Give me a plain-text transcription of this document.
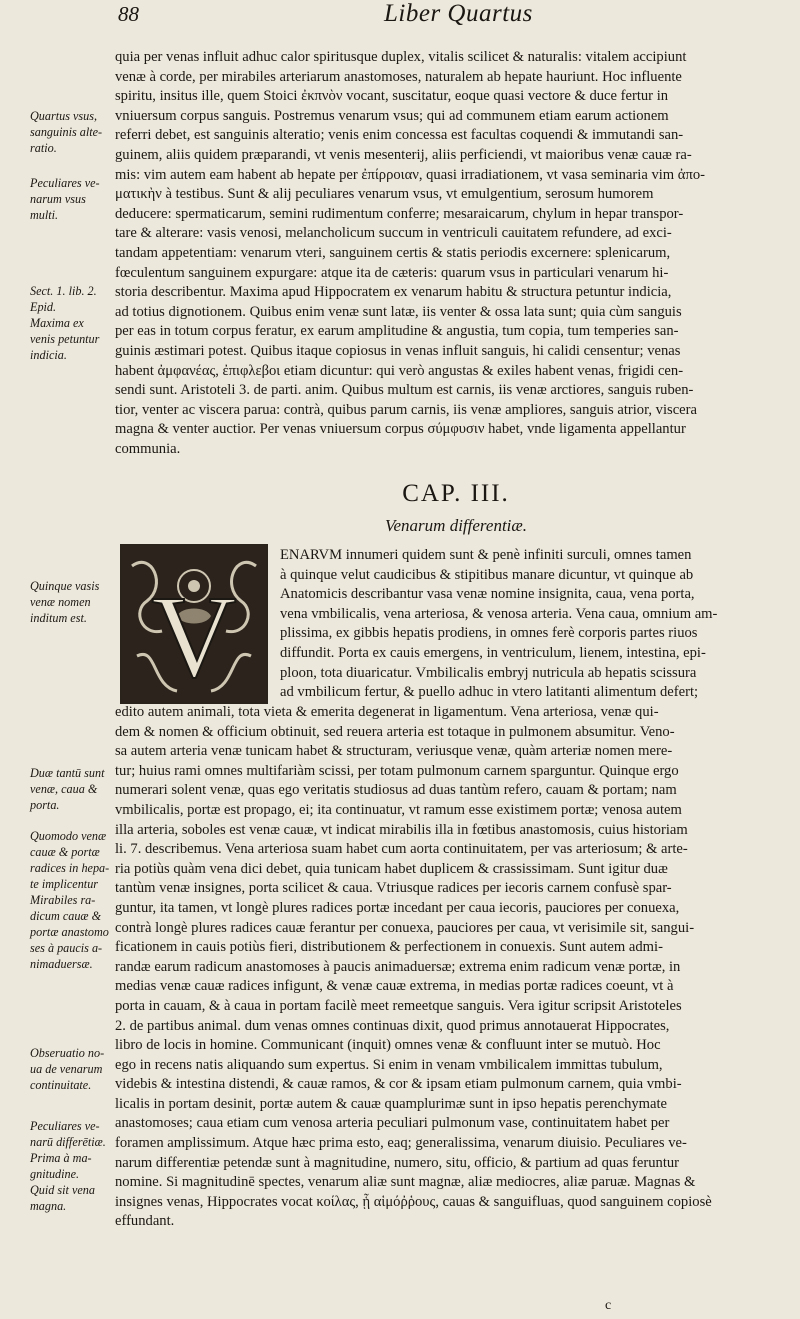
88	Liber Quartus
quia per venas influit adhuc calor spiritusque duplex, vitalis scilicet & naturalis: vitalem accipiunt
venæ à corde, per mirabiles arteriarum anastomoses, naturalem ab hepate hauriunt. Hoc influente
spiritu, insitus ille, quem Stoici ἐκπνὸν vocant, suscitatur, eoque quasi vectore & duce fertur in
vniuersum corpus sanguis. Postremus venarum vsus; qui ad communem etiam earum actionem
referri debet, est sanguinis alteratio; venis enim concessa est facultas coquendi & immutandi san-
guinem, aliis quidem præparandi, vt venis mesenterij, aliis perficiendi, vt maioribus venæ cauæ ra-
mis: vim autem eam habent ab hepate per ἐπίρροιαν, quasi irradiationem, vt vasa seminaria vim ἀπο-
ματικὴν à testibus. Sunt & alij peculiares venarum vsus, vt emulgentium, serosum humorem
deducere: spermaticarum, semini rudimentum conferre; mesaraicarum, chylum in hepar transpor-
tare & alterare: vasis venosi, melancholicum succum in ventriculi cauitatem refundere, ad exci-
tandam appetentiam: venarum vteri, sanguinem certis & statis periodis excernere: splenicarum,
fœculentum sanguinem expurgare: atque ita de cæteris: quarum vsus in particulari venarum hi-
storia describentur. Maxima apud Hippocratem ex venarum habitu & structura petuntur indicia,
ad totius dignotionem. Quibus enim venæ sunt latæ, iis venter & ossa lata sunt; quia cùm sanguis
per eas in totum corpus feratur, ex earum amplitudine & angustia, tum copia, tum temperies san-
guinis æstimari potest. Quibus itaque copiosus in venas influit sanguis, hi calidi censentur; venas
habent ἀμφανέας, ἐπιφλεβοι etiam dicuntur: qui verò angustas & exiles habent venas, frigidi cen-
sendi sunt. Aristoteli 3. de parti. anim. Quibus multum est carnis, iis venæ arctiores, sanguis ruben-
tior, venter ac viscera parua: contrà, quibus parum carnis, iis venæ ampliores, sanguis atrior, viscera
magna & venter auctior. Per venas vniuersum corpus σύμφυσιν habet, vnde ligamenta appellantur
communia.
CAP. III.
Venarum differentiæ.
V
ENARVM innumeri quidem sunt & penè infiniti surculi, omnes tamen
à quinque velut caudicibus & stipitibus manare dicuntur, vt quinque ab
Anatomicis describantur vasa venæ nomine insignita, caua, vena porta,
vena vmbilicalis, vena arteriosa, & venosa arteria. Vena caua, omnium am-
plissima, ex gibbis hepatis prodiens, in omnes ferè corporis partes riuos
diffundit. Porta ex cauis emergens, in ventriculum, lienem, intestina, epi-
ploon, tota diuaricatur. Vmbilicalis embryj nutricula ab hepatis scissura
ad vmbilicum fertur, & puello adhuc in vtero latitanti alimentum defert;
edito autem animali, tota vieta & emerita degenerat in ligamentum. Vena arteriosa, venæ qui-
dem & nomen & officium obtinuit, sed reuera arteria est totaque in pulmonem absumitur. Veno-
sa autem arteria venæ tunicam habet & structuram, veriusque venæ, quàm arteriæ nomen mere-
tur; huius rami omnes multifariàm scissi, per totam pulmonum carnem sparguntur. Quinque ergo
numerari solent venæ, quas ego veritatis studiosus ad duas tantùm refero, cauam & portam; nam
vmbilicalis, portæ est propago, ei; ita continuatur, vt ramum esse existimem portæ; venosa autem
illa arteria, soboles est venæ cauæ, vt indicat mirabilis illa in fœtibus anastomosis, cuius historiam
li. 7. describemus. Vena arteriosa suam habet cum aorta continuitatem, per vas arteriosum; & arte-
ria potiùs quàm vena dici debet, quia tunicam habet duplicem & crassissimam. Sunt igitur duæ
tantùm venæ insignes, porta scilicet & caua. Vtriusque radices per iecoris carnem confusè spar-
guntur, ita tamen, vt longè plures radices portæ incedant per caua iecoris, pauciores per conuexa,
contrà longè plures radices cauæ ferantur per conuexa, pauciores per caua, vt verisimile sit, sangui-
ficationem in cauis potiùs fieri, distributionem & perfectionem in conuexis. Sunt autem admi-
randæ earum radicum anastomoses à paucis animaduersæ; extrema enim radicum venæ portæ, in
medias venæ cauæ radices infigunt, & venæ cauæ extrema, in medias portæ radices coeunt, vt à
porta in cauam, & à caua in portam facilè meet remeetque sanguis. Vera igitur scripsit Aristoteles
2. de partibus animal. dum venas omnes continuas dixit, quod primus annotauerat Hippocrates,
libro de locis in homine. Communicant (inquit) omnes venæ & confluunt inter se mutuò. Hoc
ego in recens natis aliquando sum expertus. Si enim in venam vmbilicalem immittas tubulum,
videbis & intestina distendi, & cauæ ramos, & cor & ipsam etiam pulmonum carnem, quia vmbi-
licalis in portam desinit, portæ autem & cauæ quamplurimæ sunt in ipso hepatis perenchymate
anastomoses; caua etiam cum venosa arteria peculiari pulmonum vase, continuitatem habet per
foramen amplissimum. Atque hæc prima esto, eaq; generalissima, venarum diuisio. Peculiares ve-
narum differentiæ petendæ sunt à magnitudine, numero, situ, officio, & partium ad quas feruntur
nomine. Si magnitudinē spectes, venarum aliæ sunt magnæ, aliæ mediocres, aliæ paruæ. Magnas &
insignes venas, Hippocrates vocat κοίλας, ᾗ αἱμόῤῥους, cauas & sanguifluas, quod sanguinem copiosè
effundant.
Quartus vsus,
sanguinis alte-
ratio.
Peculiares ve-
narum vsus
multi.
Sect. 1. lib. 2.
Epid.
Maxima ex
venis petuntur
indicia.
Quinque vasis
venæ nomen
inditum est.
Duæ tantū sunt
venæ, caua &
porta.
Quomodo venæ
cauæ & portæ
radices in hepa-
te implicentur
Mirabiles ra-
dicum cauæ &
portæ anastomo
ses à paucis a-
nimaduersæ.
Obseruatio no-
ua de venarum
continuitate.
Peculiares ve-
narū differētiæ.
Prima à ma-
gnitudine.
Quid sit vena
magna.
c
